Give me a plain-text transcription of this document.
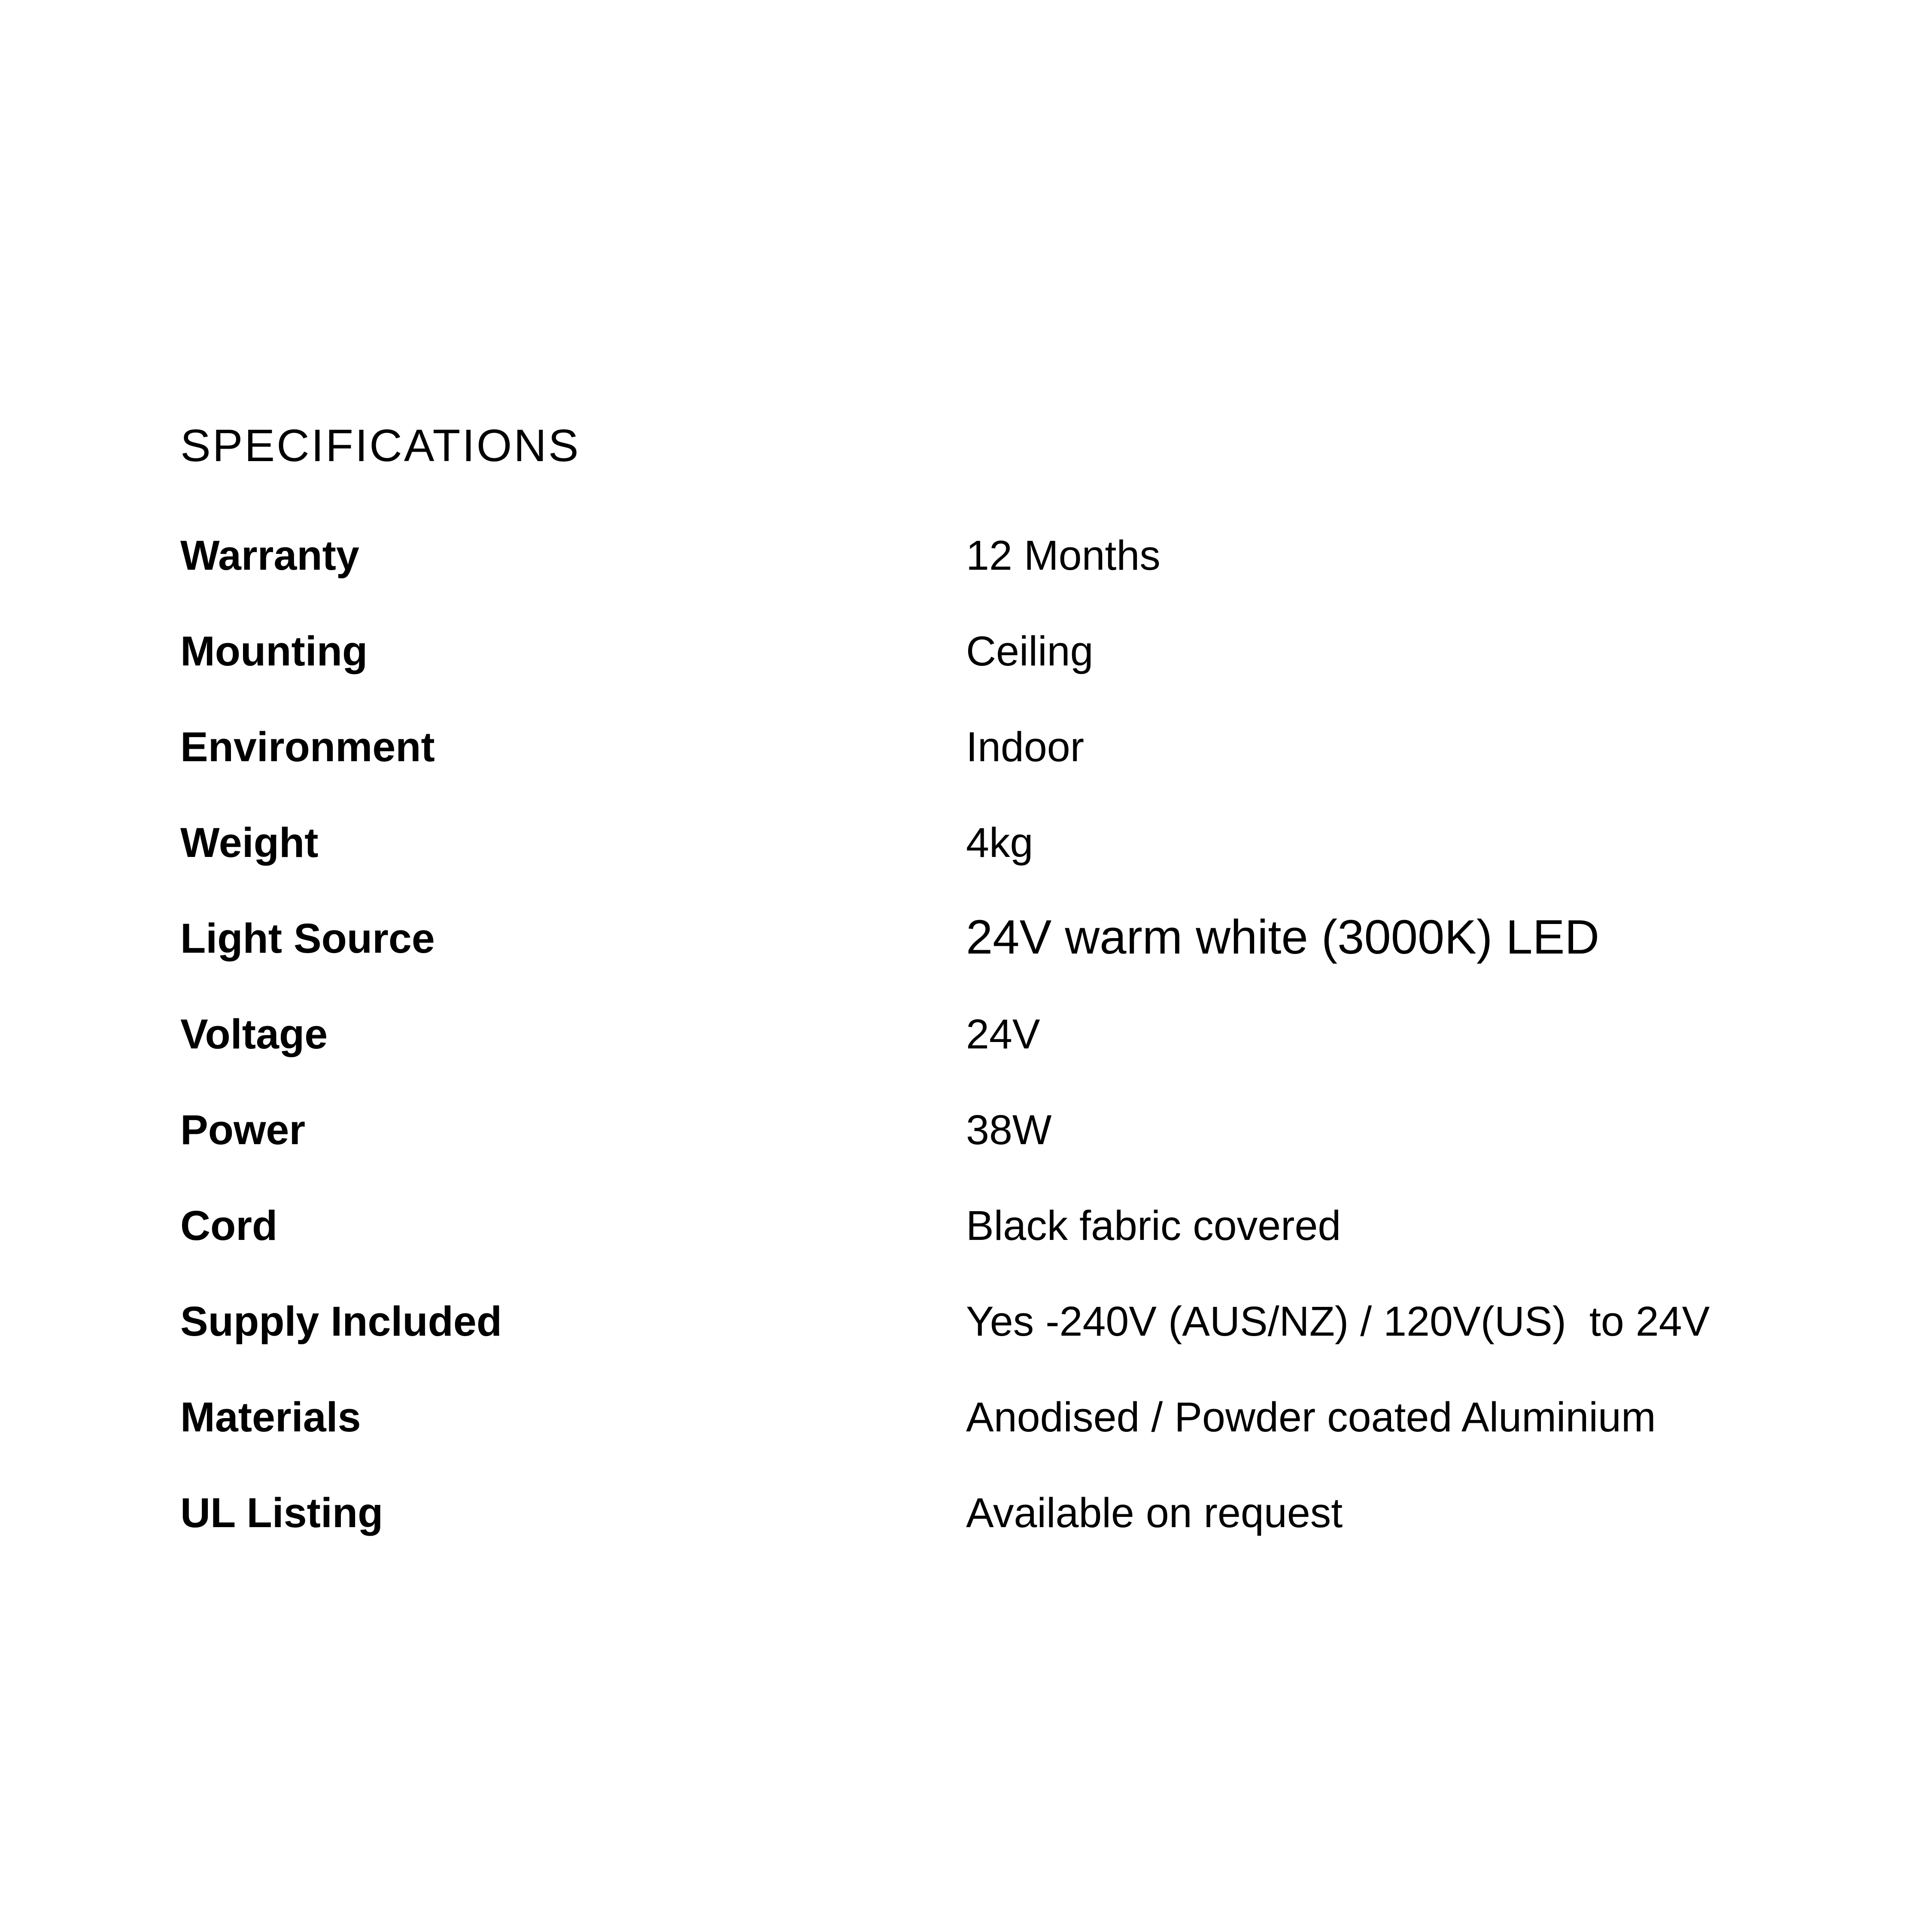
SPECIFICATIONS
Warranty	12 Months
Mounting	Ceiling
Environment	Indoor
Weight	4kg
Light Source	24V warm white (3000K) LED
Voltage	24V
Power	38W
Cord	Black fabric covered
Supply Included	Yes -240V (AUS/NZ) / 120V(US)  to 24V
Materials	Anodised / Powder coated Aluminium
UL Listing	Available on request
